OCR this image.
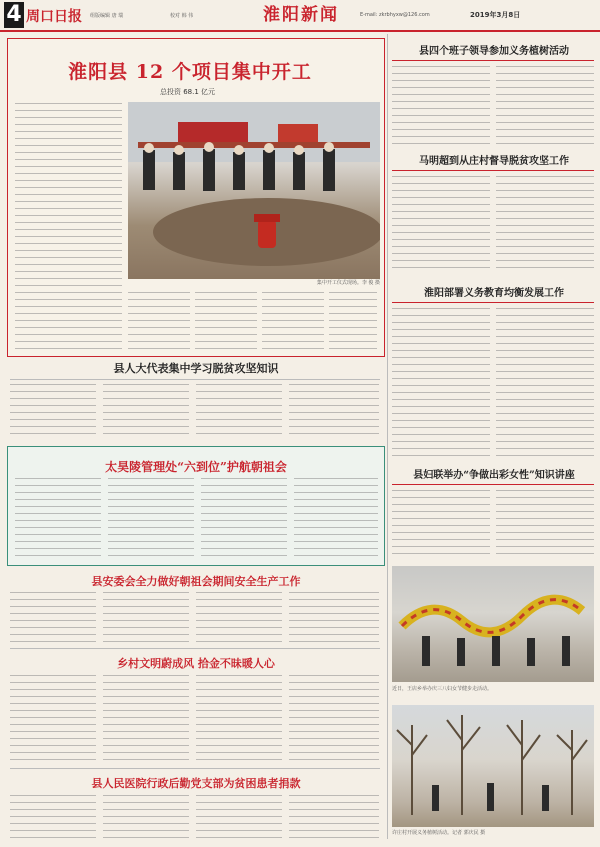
4 周口日报 组版编辑 唐 瑞	校对 韩 伟	淮阳新闻	E-mail: zkrbhyxw@126.com	2019年3月8日
淮阳县 12 个项目集中开工
总投资 68.1 亿元
集中开工仪式现场。李 俊 摄
县人大代表集中学习脱贫攻坚知识
太昊陵管理处“六到位”护航朝祖会
县安委会全力做好朝祖会期间安全生产工作
乡村文明蔚成风 拾金不昧暖人心
县人民医院行政后勤党支部为贫困患者捐款
县四个班子领导参加义务植树活动
马明超到从庄村督导脱贫攻坚工作
淮阳部署义务教育均衡发展工作
县妇联举办“争做出彩女性”知识讲座
近日，王店乡举办庆三八妇女节健步走活动。
许庄村开展义务植树活动。记者 郭庆民 摄
